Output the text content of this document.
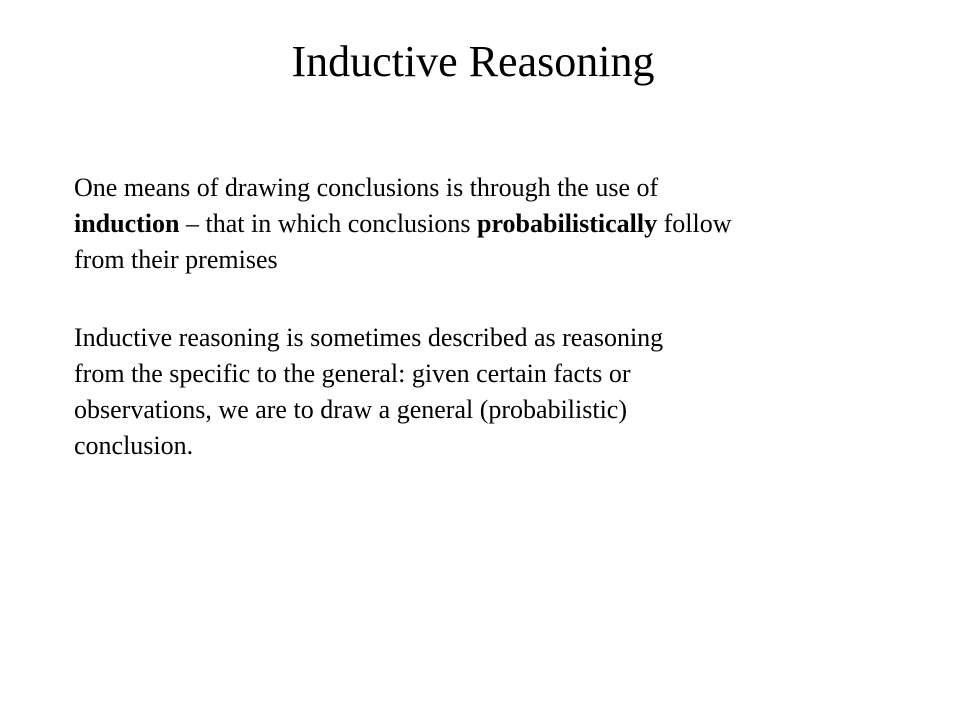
Inductive Reasoning

One means of drawing conclusions is through the use of
induction – that in which conclusions probabilistically follow
from their premises

Inductive reasoning is sometimes described as reasoning
from the specific to the general: given certain facts or
observations, we are to draw a general (probabilistic)
conclusion.
